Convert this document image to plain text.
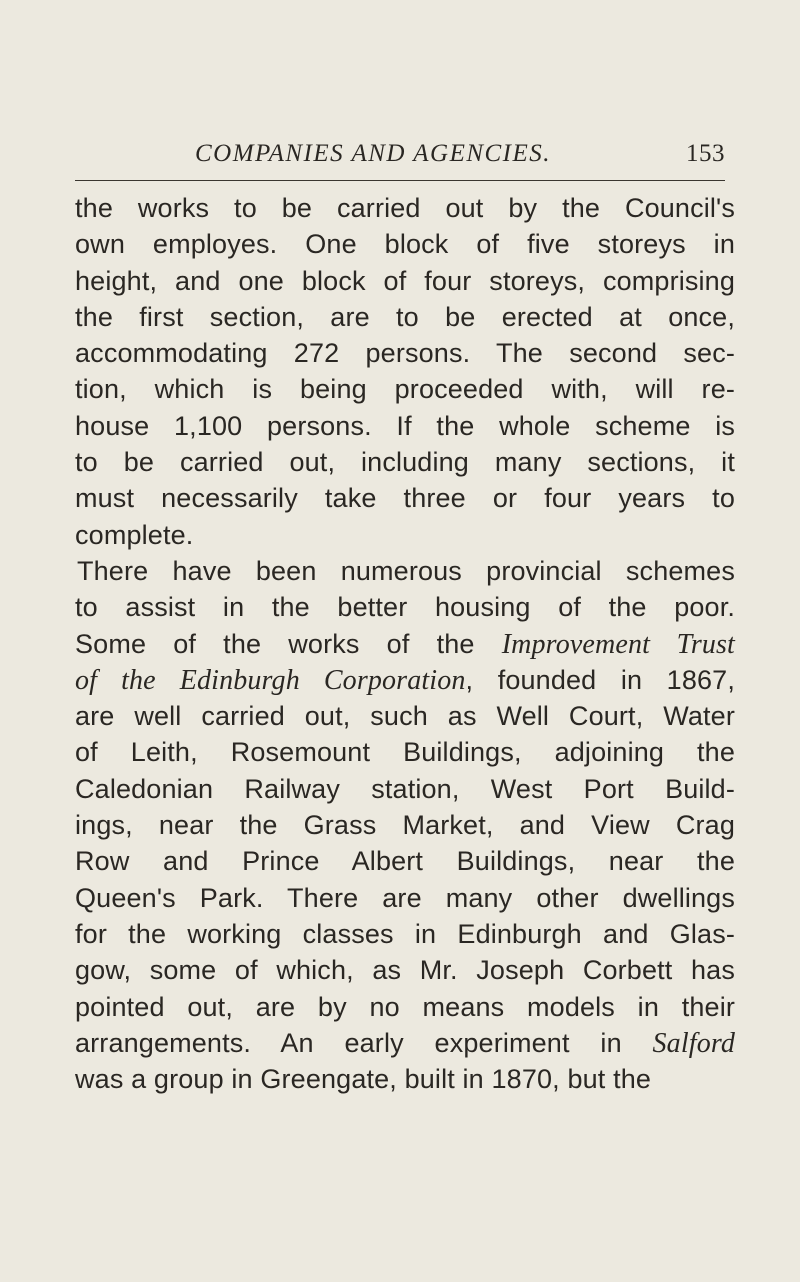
COMPANIES AND AGENCIES.	153
the works to be carried out by the Council's
own employes. One block of five storeys in
height, and one block of four storeys, comprising
the first section, are to be erected at once,
accommodating 272 persons. The second sec-
tion, which is being proceeded with, will re-
house 1,100 persons. If the whole scheme is
to be carried out, including many sections, it
must necessarily take three or four years to
complete.
There have been numerous provincial schemes
to assist in the better housing of the poor.
Some of the works of the Improvement Trust
of the Edinburgh Corporation, founded in 1867,
are well carried out, such as Well Court, Water
of Leith, Rosemount Buildings, adjoining the
Caledonian Railway station, West Port Build-
ings, near the Grass Market, and View Crag
Row and Prince Albert Buildings, near the
Queen's Park. There are many other dwellings
for the working classes in Edinburgh and Glas-
gow, some of which, as Mr. Joseph Corbett has
pointed out, are by no means models in their
arrangements. An early experiment in Salford
was a group in Greengate, built in 1870, but the
